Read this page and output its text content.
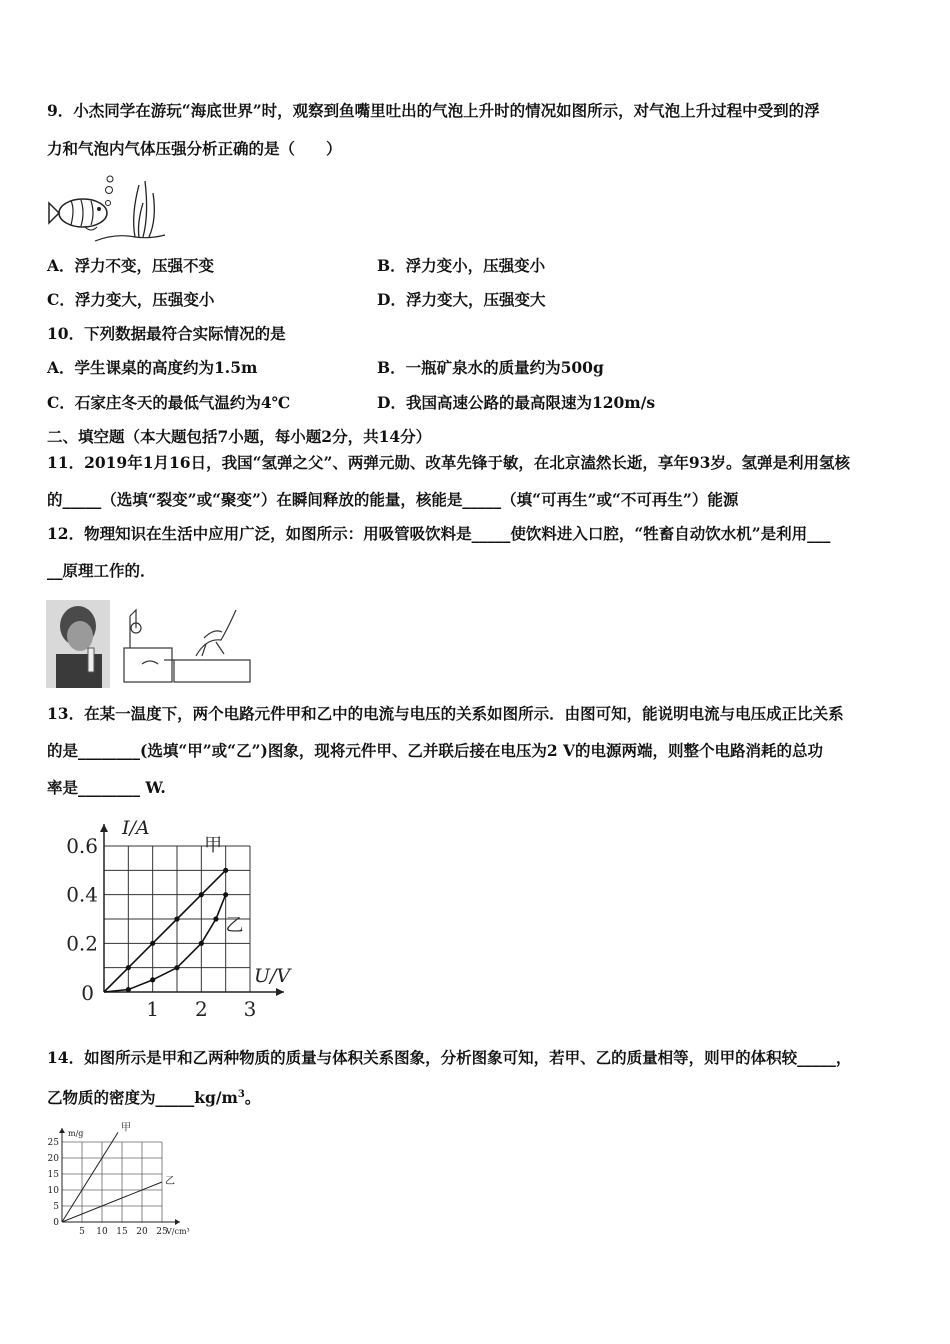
9．小杰同学在游玩“海底世界”时，观察到鱼嘴里吐出的气泡上升时的情况如图所示，对气泡上升过程中受到的浮
力和气泡内气体压强分析正确的是（　　）
A．浮力不变，压强不变	B．浮力变小，压强变小
C．浮力变大，压强变小	D．浮力变大，压强变大
10．下列数据最符合实际情况的是
A．学生课桌的高度约为1.5m	B．一瓶矿泉水的质量约为500g
C．石家庄冬天的最低气温约为4℃	D．我国高速公路的最高限速为120m/s
二、填空题（本大题包括7小题，每小题2分，共14分）
11．2019年1月16日，我国“氢弹之父”、两弹元勋、改革先锋于敏，在北京溘然长逝，享年93岁。氢弹是利用氢核
的_____（选填“裂变”或“聚变”）在瞬间释放的能量，核能是_____（填“可再生”或“不可再生”）能源
12．物理知识在生活中应用广泛，如图所示：用吸管吸饮料是_____使饮料进入口腔，“牲畜自动饮水机”是利用___
__原理工作的．
13．在某一温度下，两个电路元件甲和乙中的电流与电压的关系如图所示．由图可知，能说明电流与电压成正比关系
的是________(选填“甲”或“乙”)图象，现将元件甲、乙并联后接在电压为2 V的电源两端，则整个电路消耗的总功
率是________ W.
甲
乙
0.2
0.4
0.6
0
1 2 3
I/A
U/V
14．如图所示是甲和乙两种物质的质量与体积关系图象，分析图象可知，若甲、乙的质量相等，则甲的体积较_____，
乙物质的密度为$\_\_\_\_\_kg/m^3$。
甲
乙
0
5
10
15
20
25
5 10 15 20 25
m/g
V/cm³
